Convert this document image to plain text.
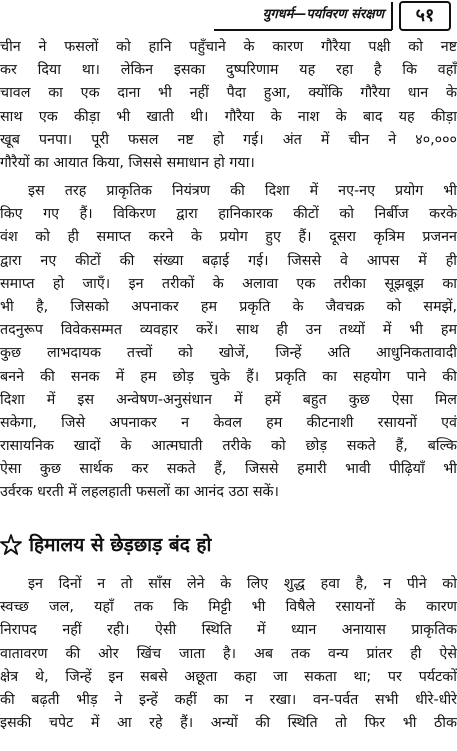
युगधर्म—पर्यावरण संरक्षण	५१
चीन ने फसलों को हानि पहुँचाने के कारण गौरैया पक्षी को नष्ट
कर दिया था। लेकिन इसका दुष्परिणाम यह रहा है कि वहाँ
चावल का एक दाना भी नहीं पैदा हुआ, क्योंकि गौरैया धान के
साथ एक कीड़ा भी खाती थी। गौरैया के नाश के बाद यह कीड़ा
खूब पनपा। पूरी फसल नष्ट हो गई। अंत में चीन ने ४०,०००
गौरैयों का आयात किया, जिससे समाधान हो गया।
इस तरह प्राकृतिक नियंत्रण की दिशा में नए-नए प्रयोग भी
किए गए हैं। विकिरण द्वारा हानिकारक कीटों को निर्बीज करके
वंश को ही समाप्त करने के प्रयोग हुए हैं। दूसरा कृत्रिम प्रजनन
द्वारा नए कीटों की संख्या बढ़ाई गई। जिससे वे आपस में ही
समाप्त हो जाएँ। इन तरीकों के अलावा एक तरीका सूझबूझ का
भी है, जिसको अपनाकर हम प्रकृति के जैवचक्र को समझें,
तदनुरूप विवेकसम्मत व्यवहार करें। साथ ही उन तथ्यों में भी हम
कुछ लाभदायक तत्त्वों को खोजें, जिन्हें अति आधुनिकतावादी
बनने की सनक में हम छोड़ चुके हैं। प्रकृति का सहयोग पाने की
दिशा में इस अन्वेषण-अनुसंधान में हमें बहुत कुछ ऐसा मिल
सकेगा, जिसे अपनाकर न केवल हम कीटनाशी रसायनों एवं
रासायनिक खादों के आत्मघाती तरीके को छोड़ सकते हैं, बल्कि
ऐसा कुछ सार्थक कर सकते हैं, जिससे हमारी भावी पीढ़ियाँ भी
उर्वरक धरती में लहलहाती फसलों का आनंद उठा सकें।
हिमालय से छेड़छाड़ बंद हो
इन दिनों न तो साँस लेने के लिए शुद्ध हवा है, न पीने को
स्वच्छ जल, यहाँ तक कि मिट्टी भी विषैले रसायनों के कारण
निरापद नहीं रही। ऐसी स्थिति में ध्यान अनायास प्राकृतिक
वातावरण की ओर खिंच जाता है। अब तक वन्य प्रांतर ही ऐसे
क्षेत्र थे, जिन्हें इन सबसे अछूता कहा जा सकता था; पर पर्यटकों
की बढ़ती भीड़ ने इन्हें कहीं का न रखा। वन-पर्वत सभी धीरे-धीरे
इसकी चपेट में आ रहे हैं। अन्यों की स्थिति तो फिर भी ठीक
